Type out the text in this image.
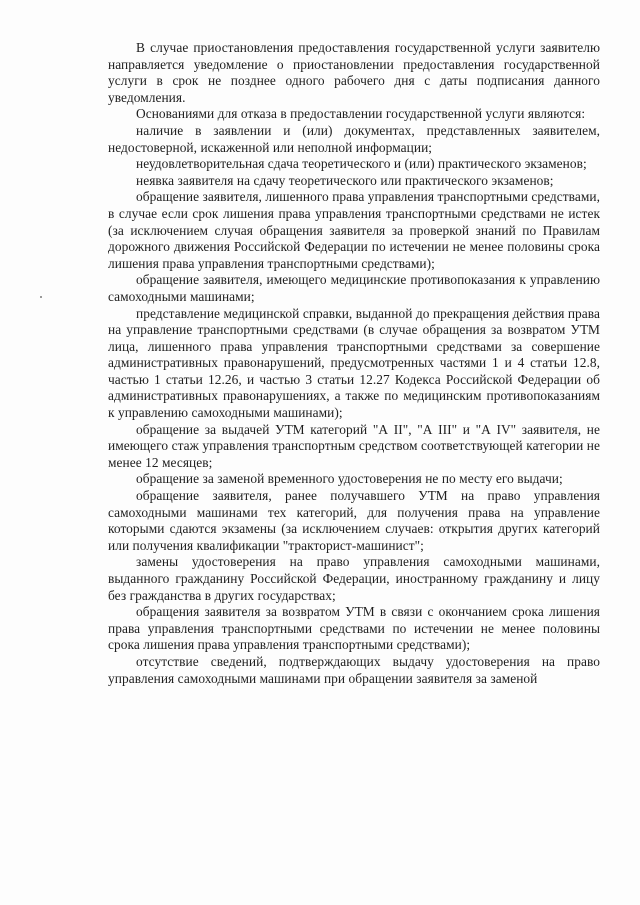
В случае приостановления предоставления государственной услуги заявителю направляется уведомление о приостановлении предоставления государственной услуги в срок не позднее одного рабочего дня с даты подписания данного уведомления.

Основаниями для отказа в предоставлении государственной услуги являются:

наличие в заявлении и (или) документах, представленных заявителем, недостоверной, искаженной или неполной информации;

неудовлетворительная сдача теоретического и (или) практического экзаменов;

неявка заявителя на сдачу теоретического или практического экзаменов;

обращение заявителя, лишенного права управления транспортными средствами, в случае если срок лишения права управления транспортными средствами не истек (за исключением случая обращения заявителя за проверкой знаний по Правилам дорожного движения Российской Федерации по истечении не менее половины срока лишения права управления транспортными средствами);

обращение заявителя, имеющего медицинские противопоказания к управлению самоходными машинами;

представление медицинской справки, выданной до прекращения действия права на управление транспортными средствами (в случае обращения за возвратом УТМ лица, лишенного права управления транспортными средствами за совершение административных правонарушений, предусмотренных частями 1 и 4 статьи 12.8, частью 1 статьи 12.26, и частью 3 статьи 12.27 Кодекса Российской Федерации об административных правонарушениях, а также по медицинским противопоказаниям к управлению самоходными машинами);

обращение за выдачей УТМ категорий "А II", "А III" и "А IV" заявителя, не имеющего стаж управления транспортным средством соответствующей категории не менее 12 месяцев;

обращение за заменой временного удостоверения не по месту его выдачи;

обращение заявителя, ранее получавшего УТМ на право управления самоходными машинами тех категорий, для получения права на управление которыми сдаются экзамены (за исключением случаев: открытия других категорий или получения квалификации "тракторист-машинист";

замены удостоверения на право управления самоходными машинами, выданного гражданину Российской Федерации, иностранному гражданину и лицу без гражданства в других государствах;

обращения заявителя за возвратом УТМ в связи с окончанием срока лишения права управления транспортными средствами по истечении не менее половины срока лишения права управления транспортными средствами);

отсутствие сведений, подтверждающих выдачу удостоверения на право управления самоходными машинами при обращении заявителя за заменой
